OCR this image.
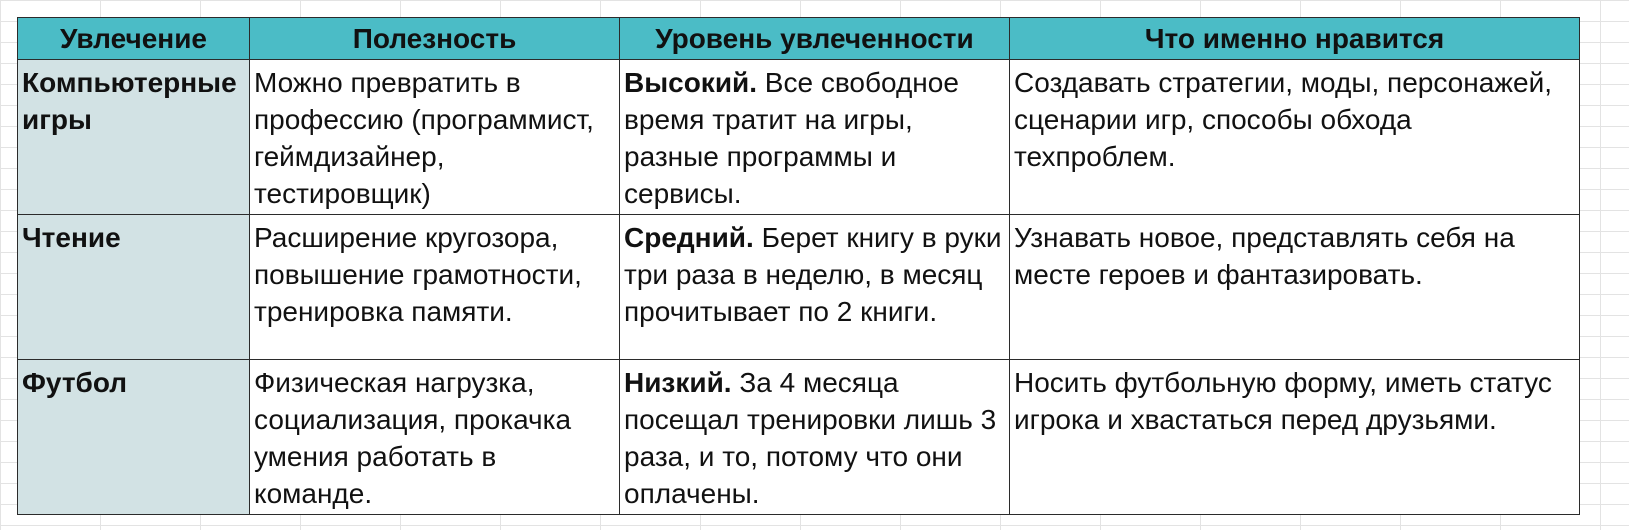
Увлечение	Полезность	Уровень увлеченности	Что именно нравится
Компьютерные игры	Можно превратить в профессию (программист, геймдизайнер, тестировщик)	Высокий. Все свободное время тратит на игры, разные программы и сервисы.	Создавать стратегии, моды, персонажей, сценарии игр, способы обхода техпроблем.
Чтение	Расширение кругозора, повышение грамотности, тренировка памяти.	Средний. Берет книгу в руки три раза в неделю, в месяц прочитывает по 2 книги.	Узнавать новое, представлять себя на месте героев и фантазировать.
Футбол	Физическая нагрузка, социализация, прокачка умения работать в команде.	Низкий. За 4 месяца посещал тренировки лишь 3 раза, и то, потому что они оплачены.	Носить футбольную форму, иметь статус игрока и хвастаться перед друзьями.
